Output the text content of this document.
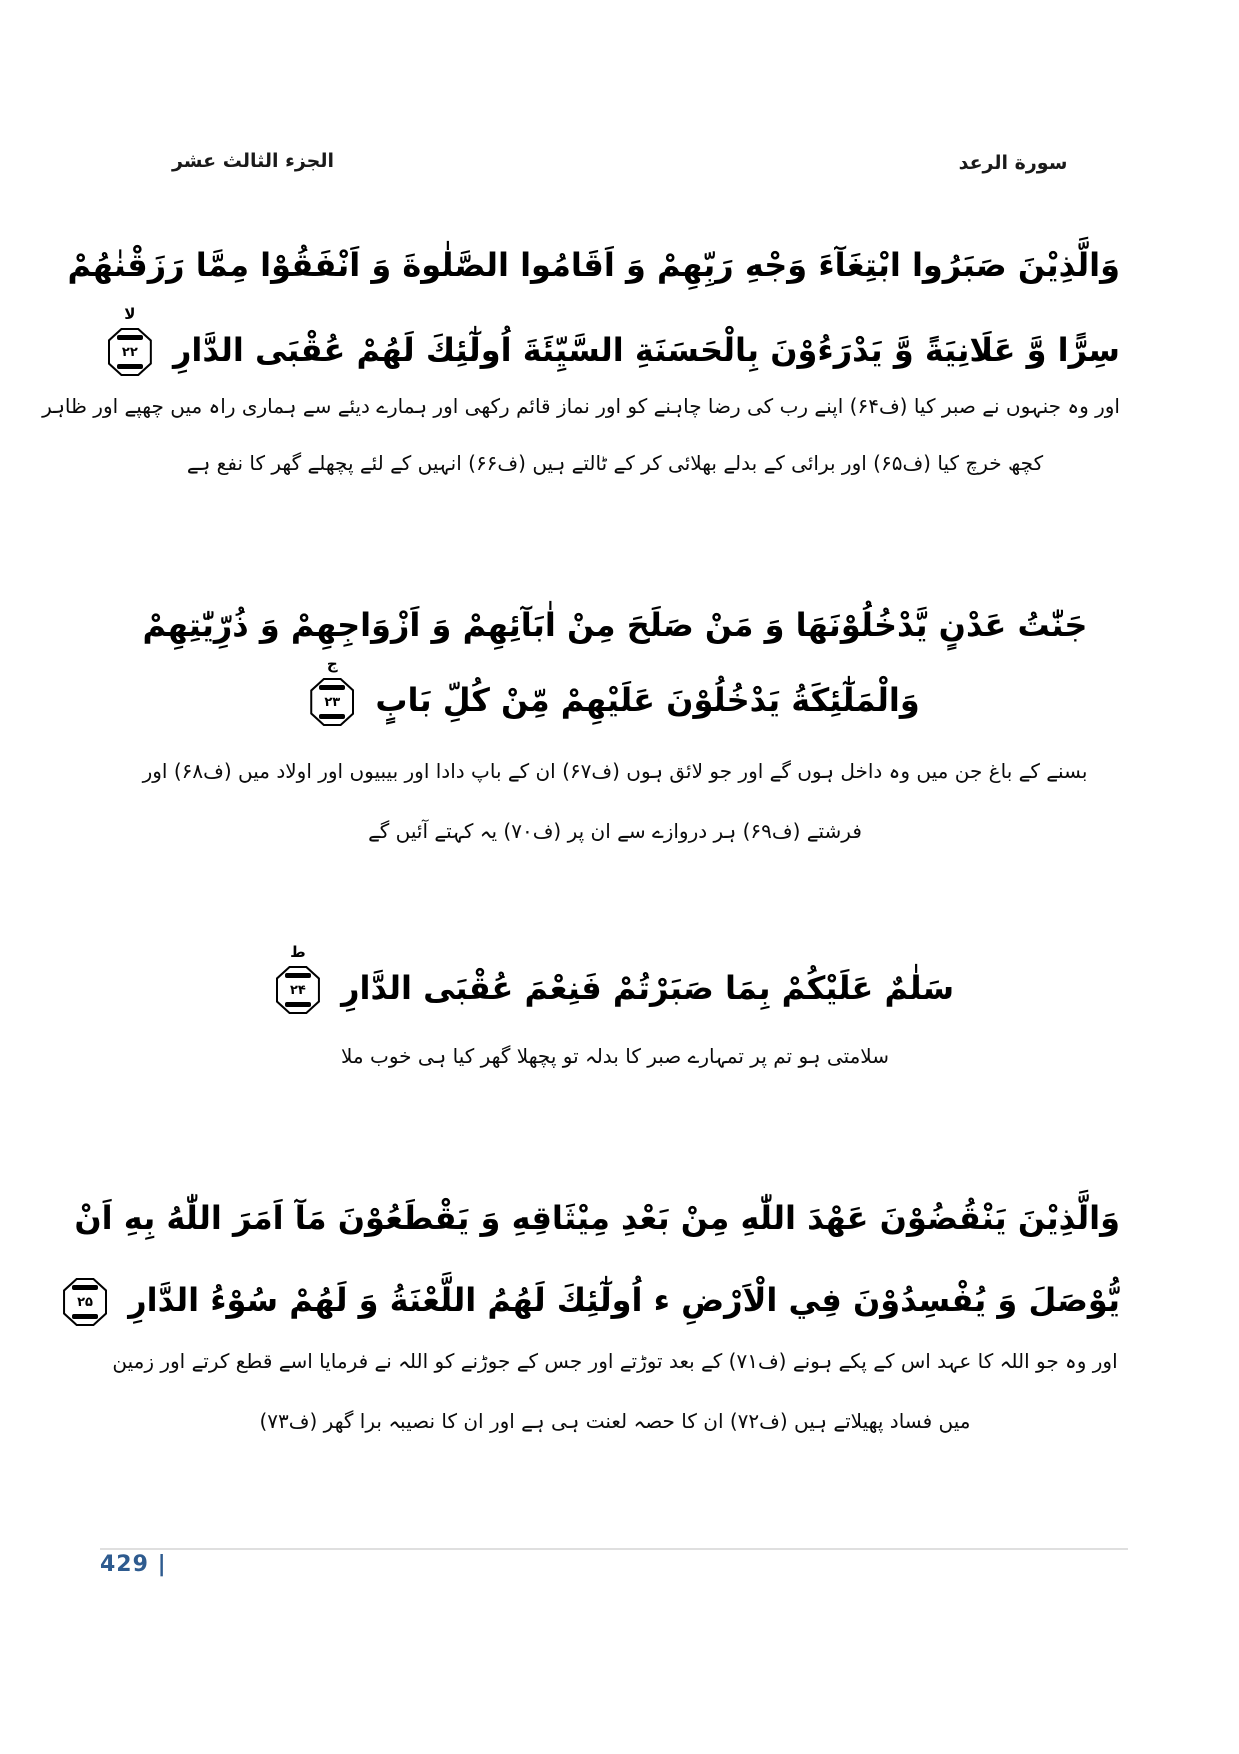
الجزء الثالث عشر	سورة الرعد
وَالَّذِيْنَ صَبَرُوا ابْتِغَآءَ وَجْهِ رَبِّهِمْ وَ اَقَامُوا الصَّلٰوةَ وَ اَنْفَقُوْا مِمَّا رَزَقْنٰهُمْ
سِرًّا وَّ عَلَانِيَةً وَّ يَدْرَءُوْنَ بِالْحَسَنَةِ السَّيِّئَةَ اُولٰٓئِكَ لَهُمْ عُقْبَى الدَّارِ
لا
۲۲
اور وہ جنہوں نے صبر کیا (ف۶۴) اپنے رب کی رضا چاہنے کو اور نماز قائم رکھی اور ہمارے دیئے سے ہماری راہ میں چھپے اور ظاہر
کچھ خرچ کیا (ف۶۵) اور برائی کے بدلے بھلائی کر کے ٹالتے ہیں (ف۶۶) انہیں کے لئے پچھلے گھر کا نفع ہے
جَنّٰتُ عَدْنٍ يَّدْخُلُوْنَهَا وَ مَنْ صَلَحَ مِنْ اٰبَآئِهِمْ وَ اَزْوَاجِهِمْ وَ ذُرِّيّٰتِهِمْ
وَالْمَلٰٓئِكَةُ يَدْخُلُوْنَ عَلَيْهِمْ مِّنْ كُلِّ بَابٍ
ج
۲۳
بسنے کے باغ جن میں وہ داخل ہوں گے اور جو لائق ہوں (ف۶۷) ان کے باپ دادا اور بیبیوں اور اولاد میں (ف۶۸) اور
فرشتے (ف۶۹) ہر دروازے سے ان پر (ف۷۰) یہ کہتے آئیں گے
سَلٰمٌ عَلَيْكُمْ بِمَا صَبَرْتُمْ فَنِعْمَ عُقْبَى الدَّارِ
ط
۲۴
سلامتی ہو تم پر تمہارے صبر کا بدلہ تو پچھلا گھر کیا ہی خوب ملا
وَالَّذِيْنَ يَنْقُضُوْنَ عَهْدَ اللّٰهِ مِنْ بَعْدِ مِيْثَاقِهِ وَ يَقْطَعُوْنَ مَآ اَمَرَ اللّٰهُ بِهِ اَنْ
يُّوْصَلَ وَ يُفْسِدُوْنَ فِي الْاَرْضِ ء اُولٰٓئِكَ لَهُمُ اللَّعْنَةُ وَ لَهُمْ سُوْءُ الدَّارِ
۲۵
اور وہ جو اللہ کا عہد اس کے پکے ہونے (ف۷۱) کے بعد توڑتے اور جس کے جوڑنے کو اللہ نے فرمایا اسے قطع کرتے اور زمین
میں فساد پھیلاتے ہیں (ف۷۲) ان کا حصہ لعنت ہی ہے اور ان کا نصیبہ برا گھر (ف۷۳)
429 |
